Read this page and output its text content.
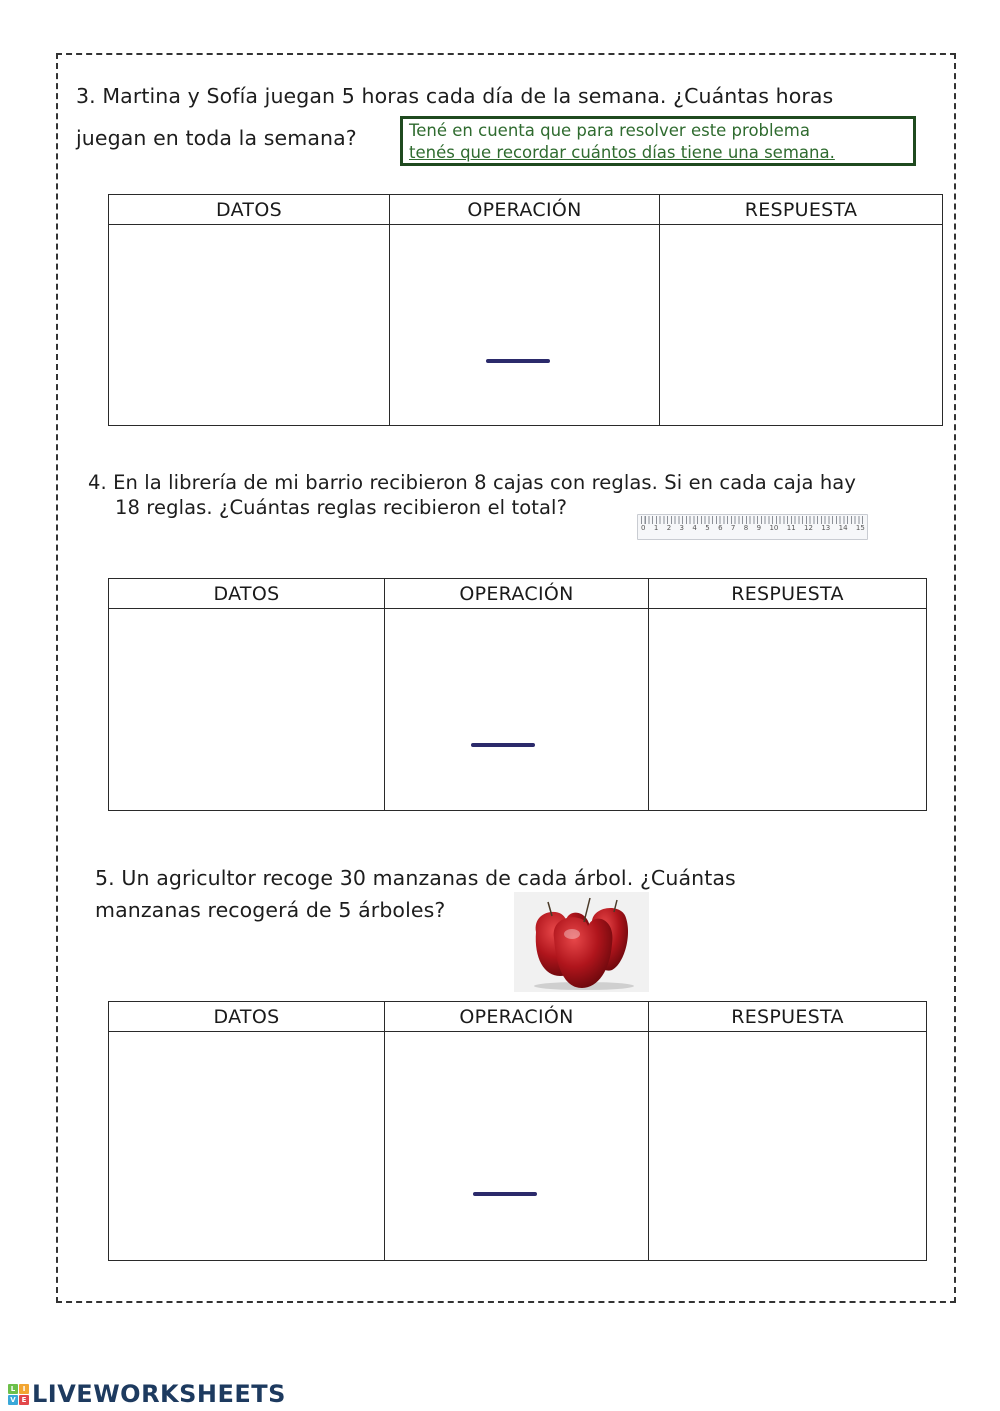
3. Martina y Sofía juegan 5 horas cada día de la semana. ¿Cuántas horas
juegan en toda la semana?	Tené en cuenta que para resolver este problema
tenés que recordar cuántos días tiene una semana.
DATOS	OPERACIÓN	RESPUESTA

4. En la librería de mi barrio recibieron 8 cajas con reglas. Si en cada caja hay
18 reglas. ¿Cuántas reglas recibieron el total?
0 1 2 3 4 5 6 7 8 9 10 11 12 13 14 15
DATOS	OPERACIÓN	RESPUESTA

5. Un agricultor recoge 30 manzanas de cada árbol. ¿Cuántas
manzanas recogerá de 5 árboles?
DATOS	OPERACIÓN	RESPUESTA

L	I
V E LIVEWORKSHEETS
